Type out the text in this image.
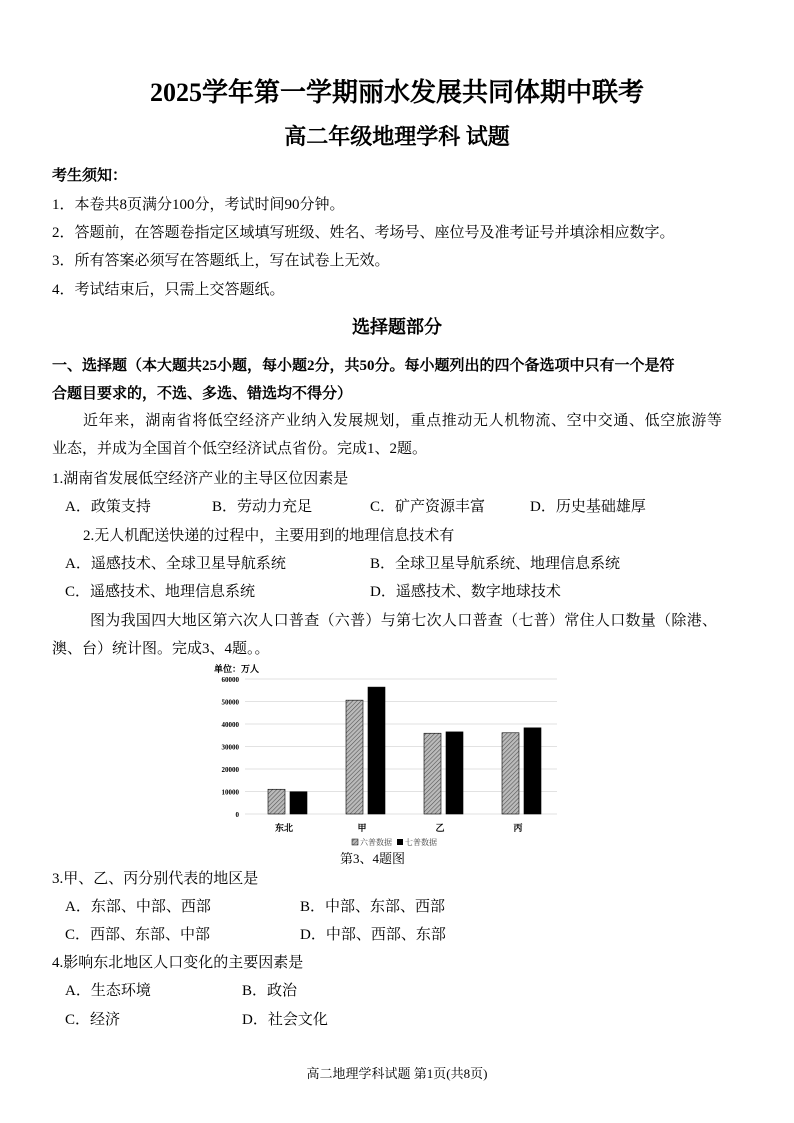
2025学年第一学期丽水发展共同体期中联考
高二年级地理学科 试题
考生须知：
1．本卷共8页满分100分，考试时间90分钟。
2．答题前，在答题卷指定区域填写班级、姓名、考场号、座位号及准考证号并填涂相应数字。
3．所有答案必须写在答题纸上，写在试卷上无效。
4．考试结束后，只需上交答题纸。
选择题部分
一、选择题（本大题共25小题，每小题2分，共50分。每小题列出的四个备选项中只有一个是符
合题目要求的，不选、多选、错选均不得分）
近年来，湖南省将低空经济产业纳入发展规划，重点推动无人机物流、空中交通、低空旅游等
业态，并成为全国首个低空经济试点省份。完成1、2题。
1.湖南省发展低空经济产业的主导区位因素是
A．政策支持	B．劳动力充足	C．矿产资源丰富	D．历史基础雄厚
2.无人机配送快递的过程中，主要用到的地理信息技术有
A．遥感技术、全球卫星导航系统	B．全球卫星导航系统、地理信息系统
C．遥感技术、地理信息系统	D．遥感技术、数字地球技术
图为我国四大地区第六次人口普查（六普）与第七次人口普查（七普）常住人口数量（除港、
澳、台）统计图。完成3、4题。。
单位：万人
0
10000
20000
30000
40000
50000
60000
东北	甲	乙	丙
六普数据 七普数据
第3、4题图
3.甲、乙、丙分别代表的地区是
A．东部、中部、西部	B．中部、东部、西部
C．西部、东部、中部	D．中部、西部、东部
4.影响东北地区人口变化的主要因素是
A．生态环境	B．政治
C．经济	D．社会文化
高二地理学科试题 第1页(共8页)
